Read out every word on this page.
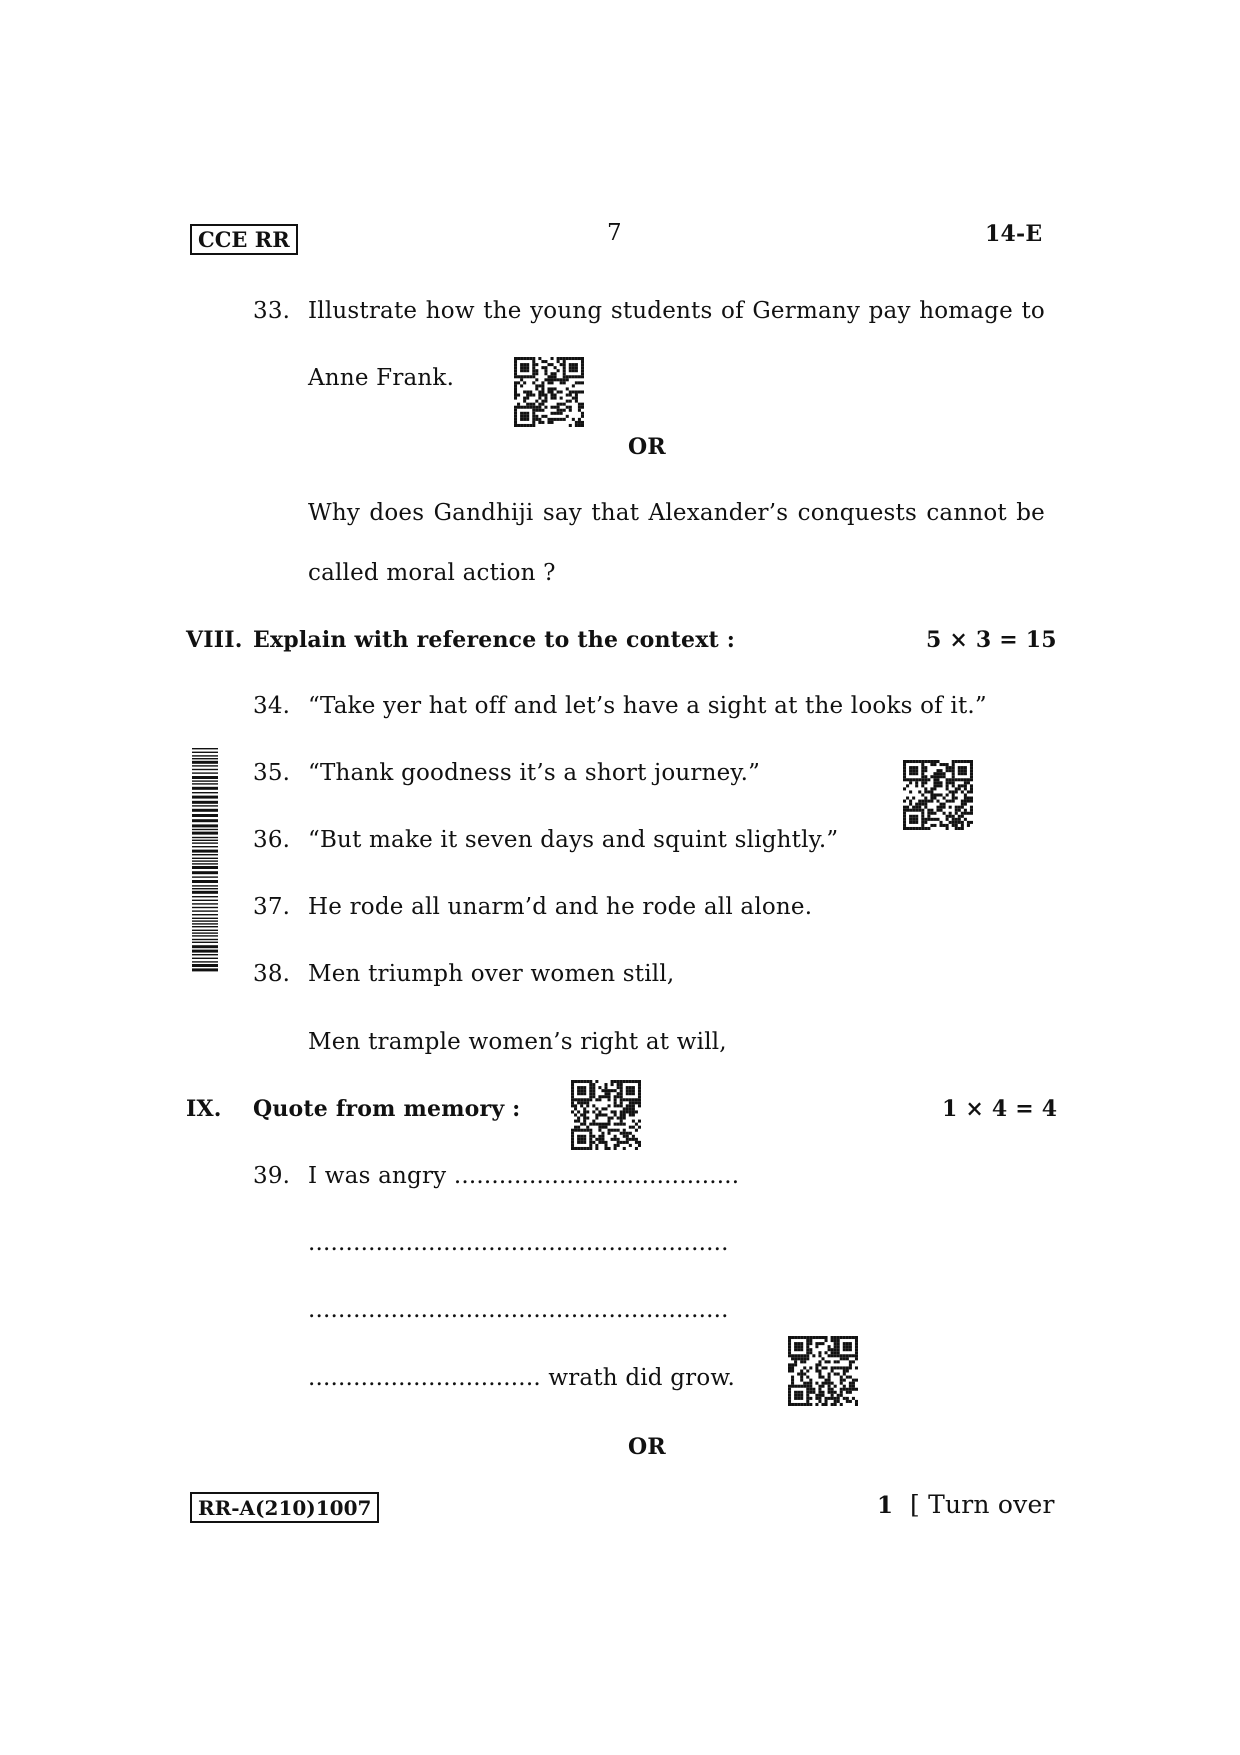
CCE RR	7	14-E
33. Illustrate how the young students of Germany pay homage to
Anne Frank.
OR
Why does Gandhiji say that Alexander’s conquests cannot be
called moral action ?
VIII. Explain with reference to the context :	5 × 3 = 15
34. “Take yer hat off and let’s have a sight at the looks of it.”
35. “Thank goodness it’s a short journey.”
36. “But make it seven days and squint slightly.”
37. He rode all unarm’d and he rode all alone.
38. Men triumph over women still,
Men trample women’s right at will,
IX. Quote from memory :	1 × 4 = 4
39. I was angry ......................................
........................................................
........................................................
............................... wrath did grow.
OR
RR-A(210)1007	1 [ Turn over
